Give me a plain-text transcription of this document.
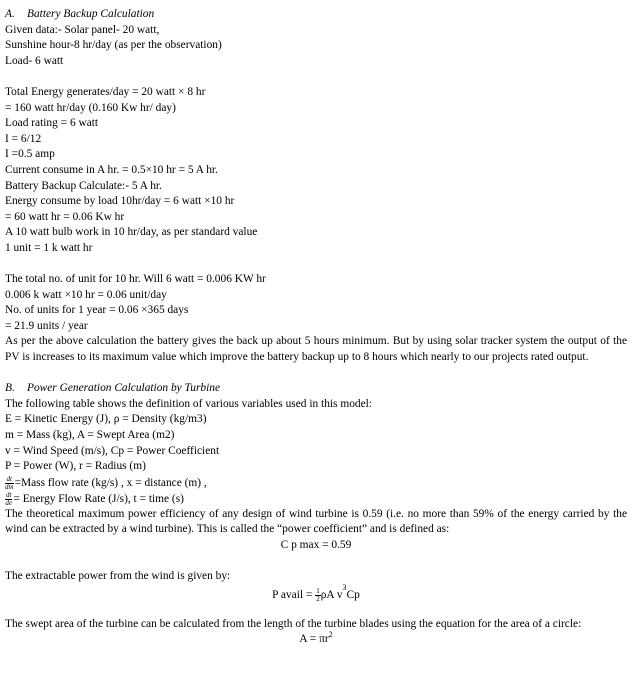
A. Battery Backup Calculation
Given data:- Solar panel- 20 watt,
Sunshine hour-8 hr/day (as per the observation)
Load- 6 watt
Total Energy generates/day = 20 watt × 8 hr
= 160 watt hr/day (0.160 Kw hr/ day)
Load rating = 6 watt
I = 6/12
I =0.5 amp
Current consume in A hr. = 0.5×10 hr = 5 A hr.
Battery Backup Calculate:- 5 A hr.
Energy consume by load 10hr/day = 6 watt ×10 hr
= 60 watt hr = 0.06 Kw hr
A 10 watt bulb work in 10 hr/day, as per standard value
1 unit = 1 k watt hr
The total no. of unit for 10 hr. Will 6 watt = 0.006 KW hr
0.006 k watt ×10 hr = 0.06 unit/day
No. of units for 1 year = 0.06 ×365 days
= 21.9 units / year
As per the above calculation the battery gives the back up about 5 hours minimum. But by using solar tracker system the output of the PV is increases to its maximum value which improve the battery backup up to 8 hours which nearly to our projects rated output.
B. Power Generation Calculation by Turbine
The following table shows the definition of various variables used in this model:
E = Kinetic Energy (J), ρ = Density (kg/m3)
m = Mass (kg), A = Swept Area (m2)
v = Wind Speed (m/s), Cp = Power Coefficient
P = Power (W), r = Radius (m)
$\frac{dt}{dm}$ =Mass flow rate (kg/s) , x = distance (m) ,
$\frac{dt}{de}$ = Energy Flow Rate (J/s), t = time (s)
The theoretical maximum power efficiency of any design of wind turbine is 0.59 (i.e. no more than 59% of the energy carried by the wind can be extracted by a wind turbine). This is called the “power coefficient” and is defined as:
C p max = 0.59
The extractable power from the wind is given by:
P avail = $\frac{1}{2}\rho A$ $v^3Cp$
The swept area of the turbine can be calculated from the length of the turbine blades using the equation for the area of a circle:
$A = \pi r^2$
